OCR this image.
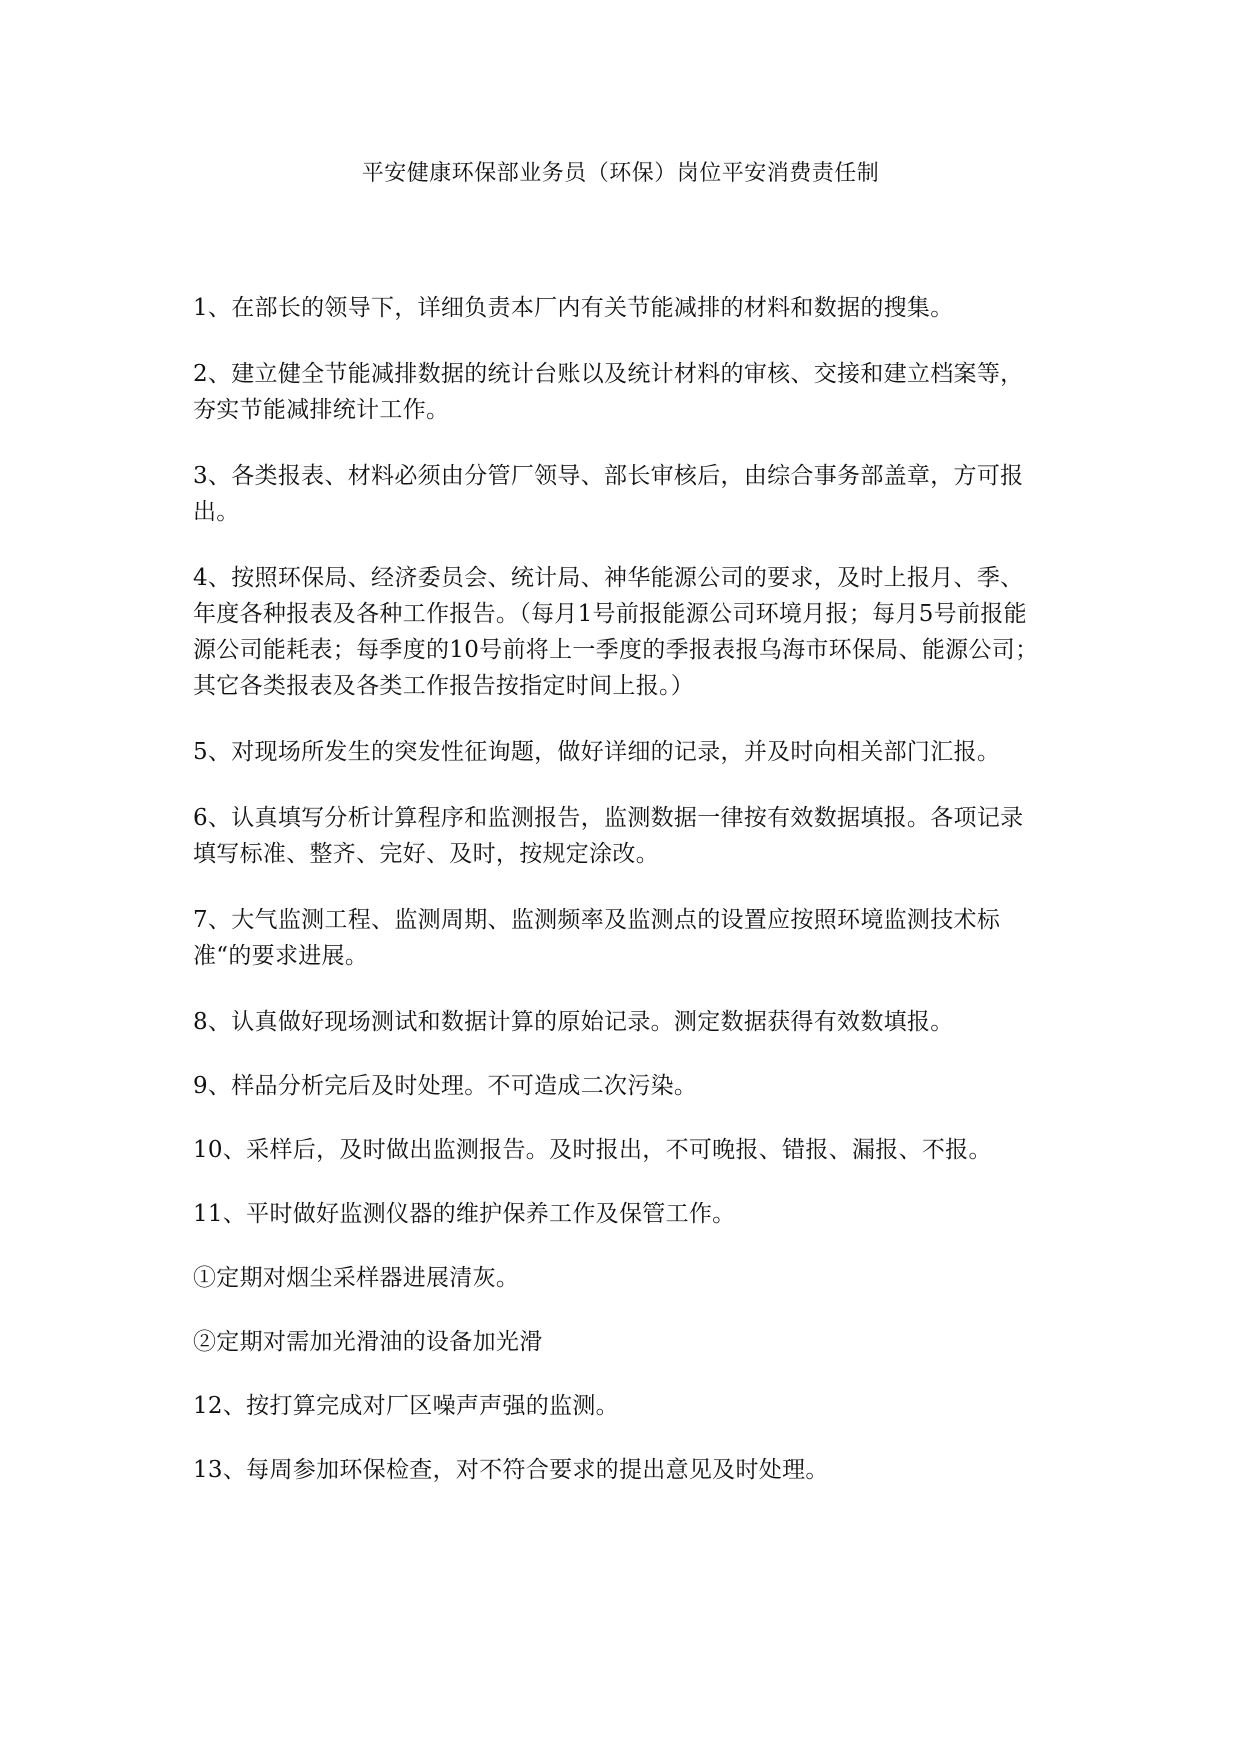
平安健康环保部业务员（环保）岗位平安消费责任制

1、在部长的领导下，详细负责本厂内有关节能减排的材料和数据的搜集。

2、建立健全节能减排数据的统计台账以及统计材料的审核、交接和建立档案等，夯实节能减排统计工作。

3、各类报表、材料必须由分管厂领导、部长审核后，由综合事务部盖章，方可报出。

4、按照环保局、经济委员会、统计局、神华能源公司的要求，及时上报月、季、年度各种报表及各种工作报告。（每月1号前报能源公司环境月报；每月5号前报能源公司能耗表；每季度的10号前将上一季度的季报表报乌海市环保局、能源公司；其它各类报表及各类工作报告按指定时间上报。）

5、对现场所发生的突发性征询题，做好详细的记录，并及时向相关部门汇报。

6、认真填写分析计算程序和监测报告，监测数据一律按有效数据填报。各项记录填写标准、整齐、完好、及时，按规定涂改。

7、大气监测工程、监测周期、监测频率及监测点的设置应按照环境监测技术标准“的要求进展。

8、认真做好现场测试和数据计算的原始记录。测定数据获得有效数填报。

9、样品分析完后及时处理。不可造成二次污染。

10、采样后，及时做出监测报告。及时报出，不可晚报、错报、漏报、不报。

11、平时做好监测仪器的维护保养工作及保管工作。

①定期对烟尘采样器进展清灰。

②定期对需加光滑油的设备加光滑

12、按打算完成对厂区噪声声强的监测。

13、每周参加环保检查，对不符合要求的提出意见及时处理。
